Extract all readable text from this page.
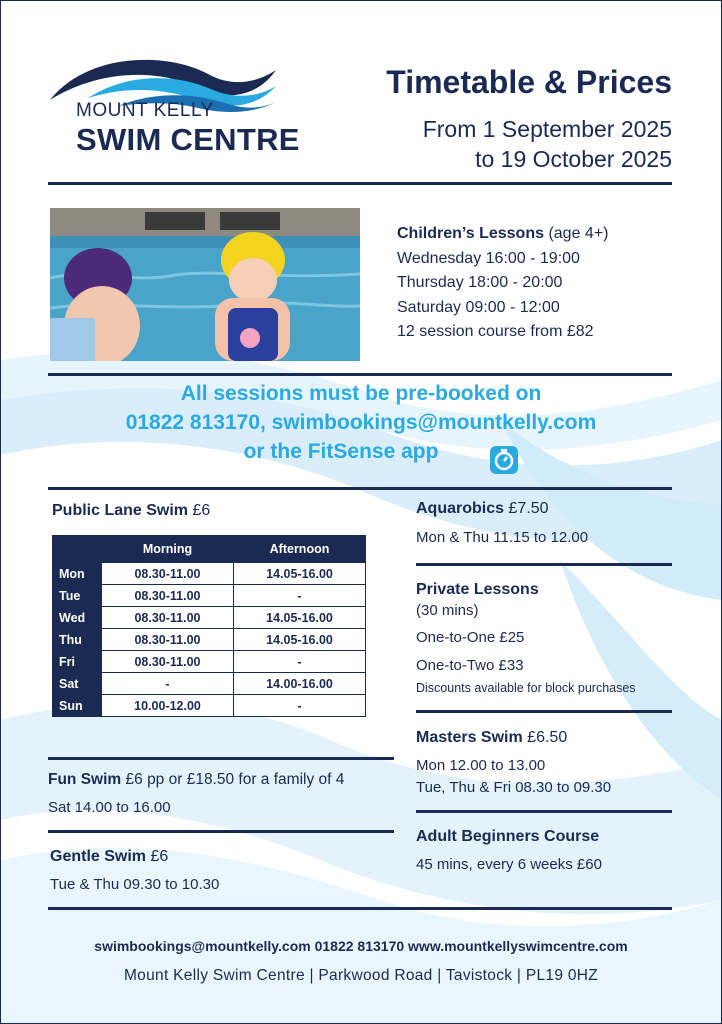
MOUNT KELLY
SWIM CENTRE
Timetable & Prices
From 1 September 2025
to 19 October 2025
Children’s Lessons (age 4+)
Wednesday 16:00 - 19:00
Thursday 18:00 - 20:00
Saturday 09:00 - 12:00
12 session course from £82
All sessions must be pre-booked on
01822 813170, swimbookings@mountkelly.com
or the FitSense app
Public Lane Swim £6
	Morning	Afternoon
Mon	08.30-11.00	14.05-16.00
Tue	08.30-11.00	-
Wed	08.30-11.00	14.05-16.00
Thu	08.30-11.00	14.05-16.00
Fri	08.30-11.00	-
Sat	-	14.00-16.00
Sun	10.00-12.00	-
Fun Swim £6 pp or £18.50 for a family of 4
Sat 14.00 to 16.00
Gentle Swim £6
Tue & Thu 09.30 to 10.30
Aquarobics £7.50
Mon & Thu 11.15 to 12.00
Private Lessons
(30 mins)
One-to-One £25
One-to-Two £33
Discounts available for block purchases
Masters Swim £6.50
Mon 12.00 to 13.00
Tue, Thu & Fri 08.30 to 09.30
Adult Beginners Course
45 mins, every 6 weeks £60
swimbookings@mountkelly.com 01822 813170 www.mountkellyswimcentre.com
Mount Kelly Swim Centre | Parkwood Road | Tavistock | PL19 0HZ
